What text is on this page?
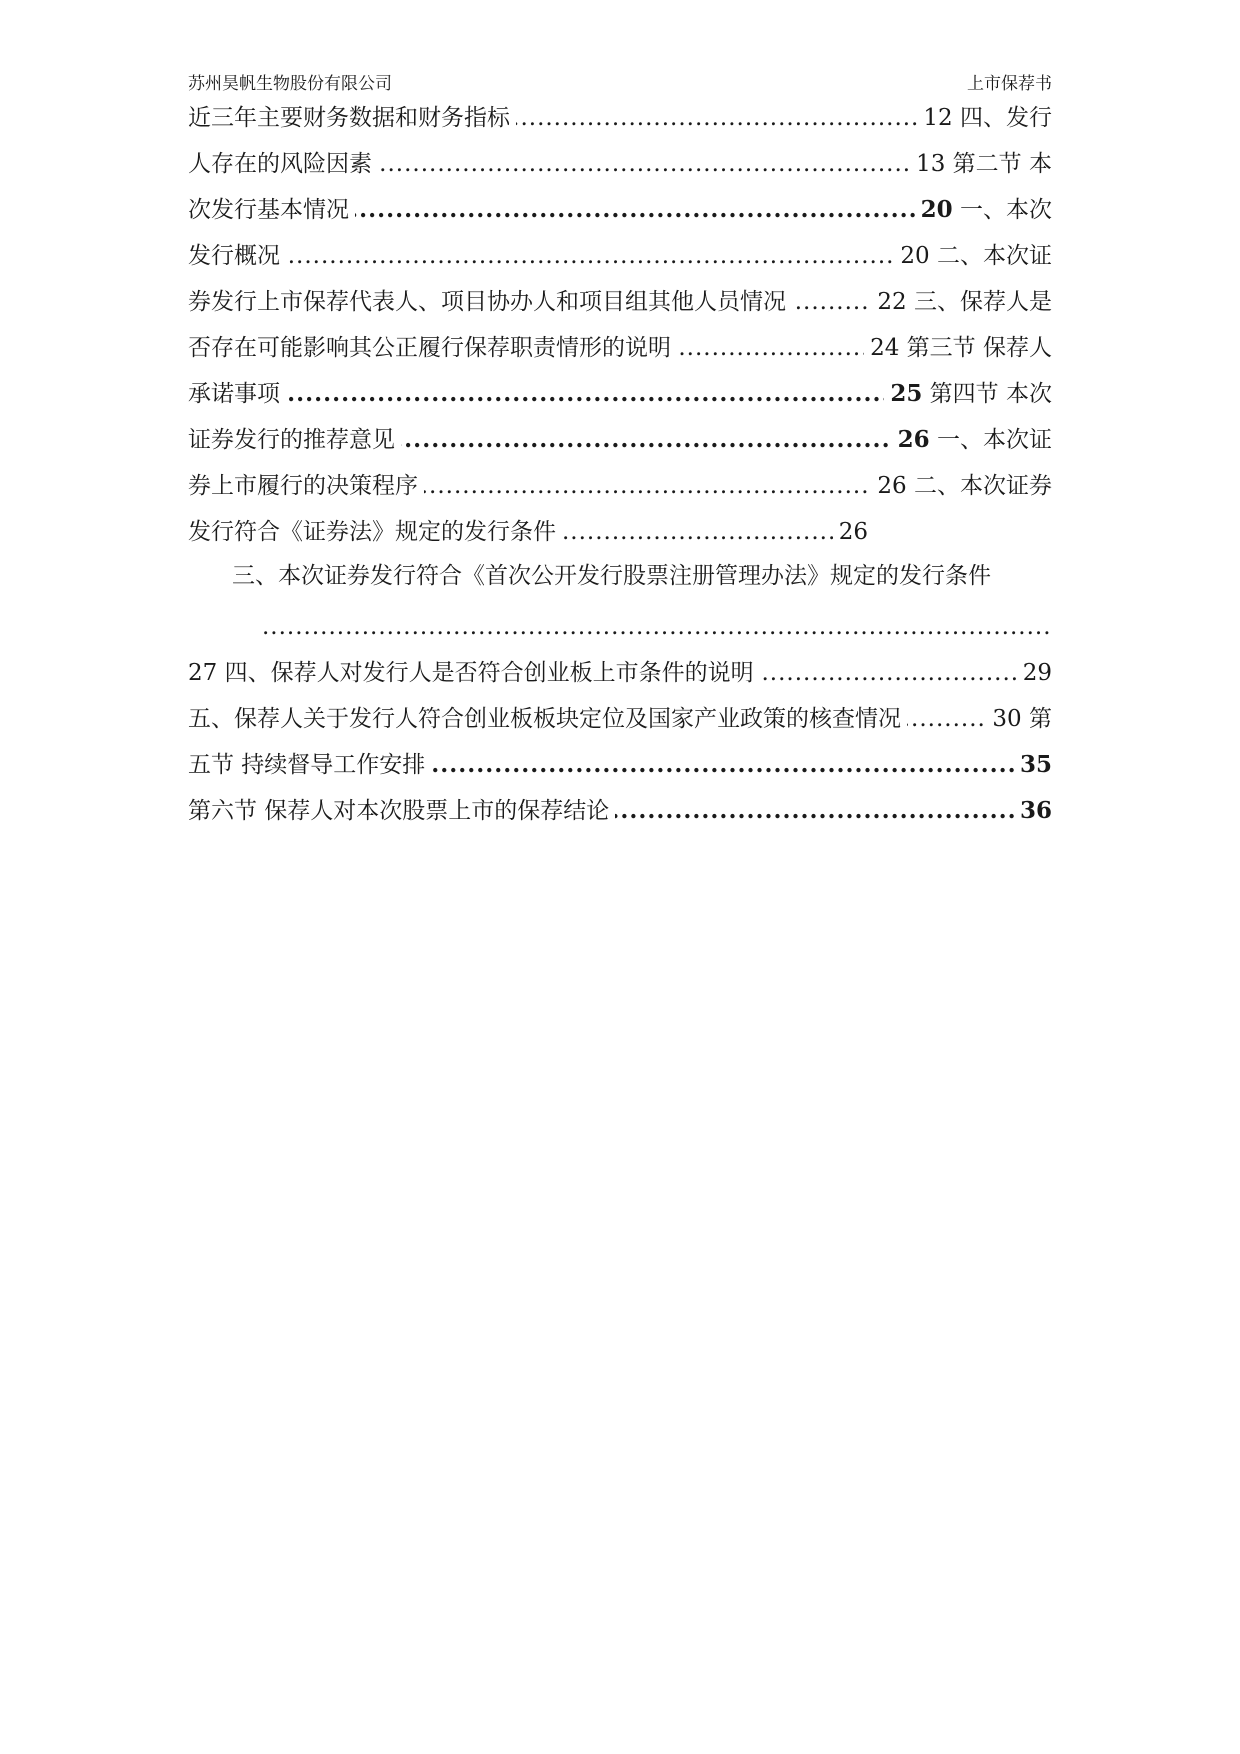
苏州昊帆生物股份有限公司	上市保荐书
.....
近三年主要财务数据和财务指标	12 四、发行
.....
人存在的风险因素	13 第二节 本
.....
次发行基本情况	20 一、本次
.....
发行概况	20 二、本次证
.....
券发行上市保荐代表人、项目协办人和项目组其他人员情况	22 三、保荐人是
.....
否存在可能影响其公正履行保荐职责情形的说明	24 第三节 保荐人
.....
承诺事项	25 第四节 本次
.....
证券发行的推荐意见	26 一、本次证
.....
券上市履行的决策程序	26 二、本次证券
.....
发行符合《证券法》规定的发行条件	26
三、本次证券发行符合《首次公开发行股票注册管理办法》规定的发行条件
.....
.....
27 四、保荐人对发行人是否符合创业板上市条件的说明	29
.....
五、保荐人关于发行人符合创业板板块定位及国家产业政策的核查情况	30 第
.....
五节 持续督导工作安排	35
.....
第六节 保荐人对本次股票上市的保荐结论	36
